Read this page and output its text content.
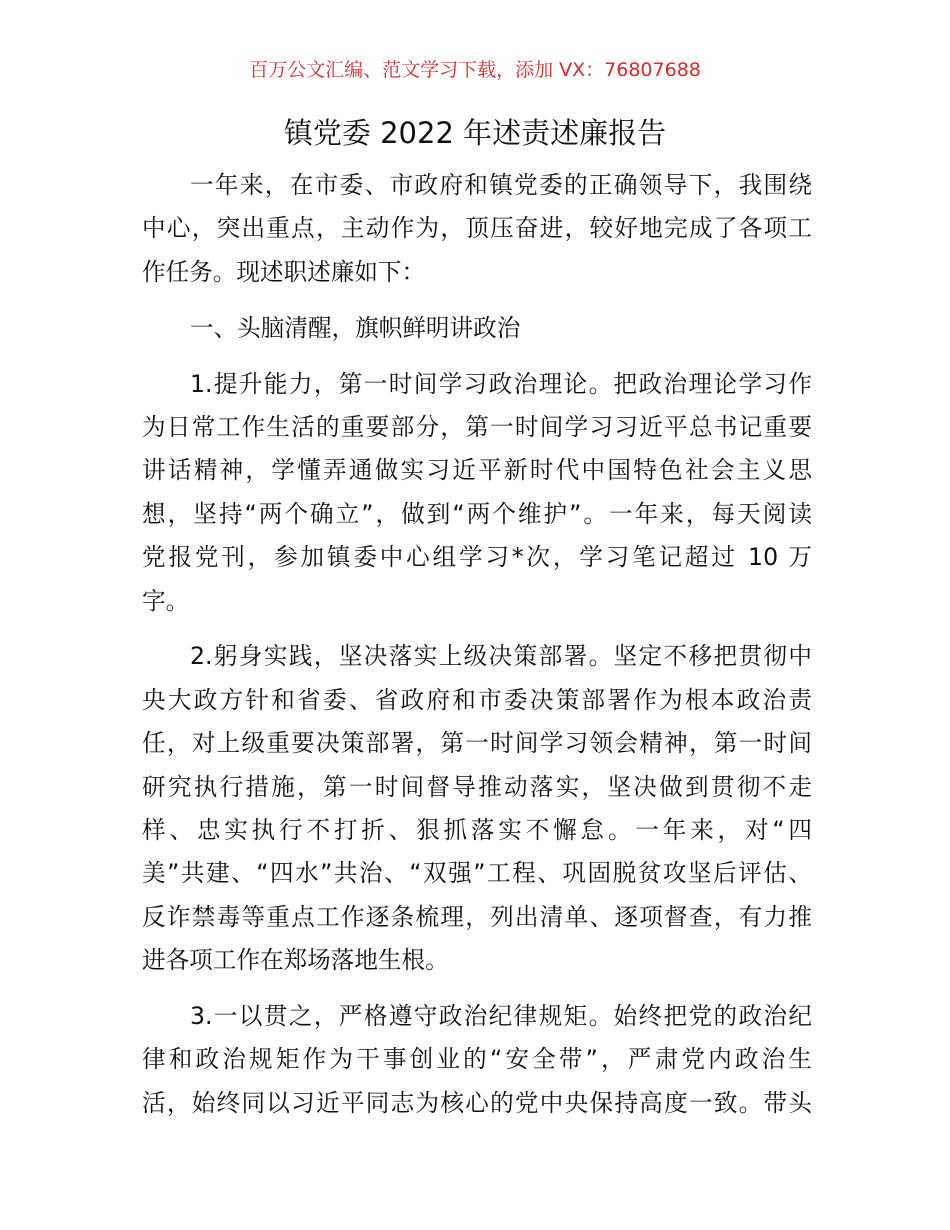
百万公文汇编、范文学习下载，添加 VX：76807688
镇党委 2022 年述责述廉报告
一年来，在市委、市政府和镇党委的正确领导下，我围绕
中心，突出重点，主动作为，顶压奋进，较好地完成了各项工
作任务。现述职述廉如下：
一、头脑清醒，旗帜鲜明讲政治
1.提升能力，第一时间学习政治理论。把政治理论学习作
为日常工作生活的重要部分，第一时间学习习近平总书记重要
讲话精神，学懂弄通做实习近平新时代中国特色社会主义思
想，坚持“两个确立”，做到“两个维护”。一年来，每天阅读
党报党刊，参加镇委中心组学习*次，学习笔记超过 10 万
字。
2.躬身实践，坚决落实上级决策部署。坚定不移把贯彻中
央大政方针和省委、省政府和市委决策部署作为根本政治责
任，对上级重要决策部署，第一时间学习领会精神，第一时间
研究执行措施，第一时间督导推动落实，坚决做到贯彻不走
样、忠实执行不打折、狠抓落实不懈怠。一年来，对“四
美”共建、“四水”共治、“双强”工程、巩固脱贫攻坚后评估、
反诈禁毒等重点工作逐条梳理，列出清单、逐项督查，有力推
进各项工作在郑场落地生根。
3.一以贯之，严格遵守政治纪律规矩。始终把党的政治纪
律和政治规矩作为干事创业的“安全带”，严肃党内政治生
活，始终同以习近平同志为核心的党中央保持高度一致。带头
